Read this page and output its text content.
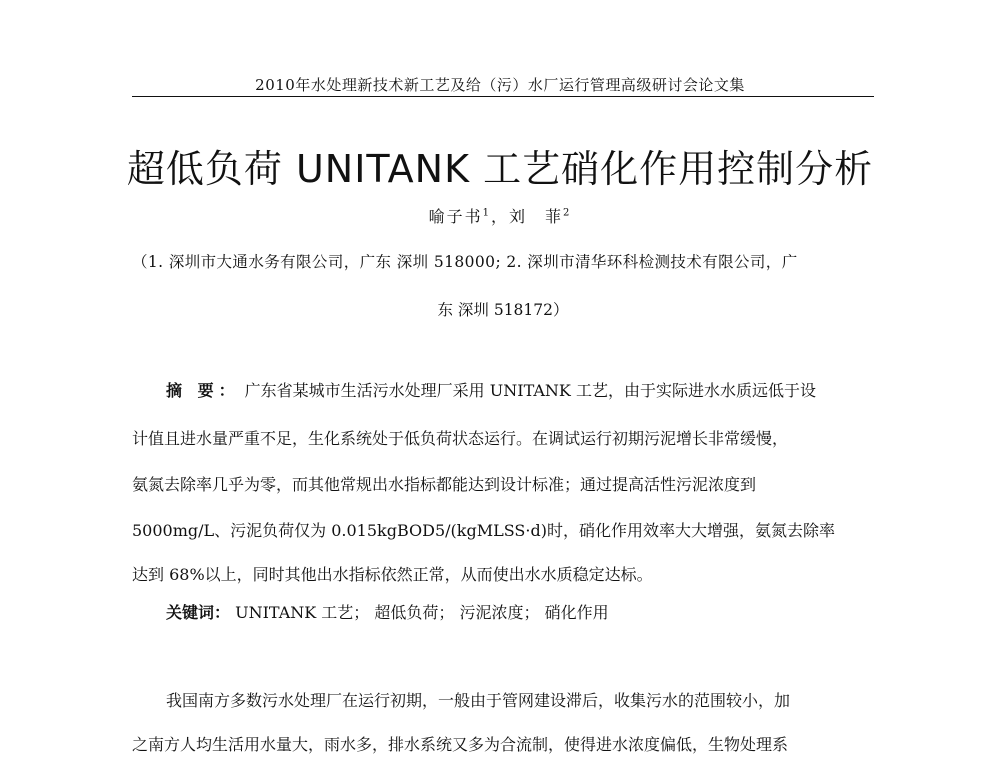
2010年水处理新技术新工艺及给（污）水厂运行管理高级研讨会论文集
超低负荷 UNITANK 工艺硝化作用控制分析
喻子书$^1$，刘　菲$^2$
（1. 深圳市大通水务有限公司，广东 深圳 518000; 2. 深圳市清华环科检测技术有限公司，广
东 深圳 518172）
摘 要： 广东省某城市生活污水处理厂采用 UNITANK 工艺，由于实际进水水质远低于设
计值且进水量严重不足，生化系统处于低负荷状态运行。在调试运行初期污泥增长非常缓慢，
氨氮去除率几乎为零，而其他常规出水指标都能达到设计标准；通过提高活性污泥浓度到
5000mg/L、污泥负荷仅为 0.015kgBOD5/(kgMLSS·d)时，硝化作用效率大大增强，氨氮去除率
达到 68%以上，同时其他出水指标依然正常，从而使出水水质稳定达标。
关键词： UNITANK 工艺； 超低负荷； 污泥浓度； 硝化作用
我国南方多数污水处理厂在运行初期，一般由于管网建设滞后，收集污水的范围较小，加
之南方人均生活用水量大，雨水多，排水系统又多为合流制，使得进水浓度偏低，生物处理系
